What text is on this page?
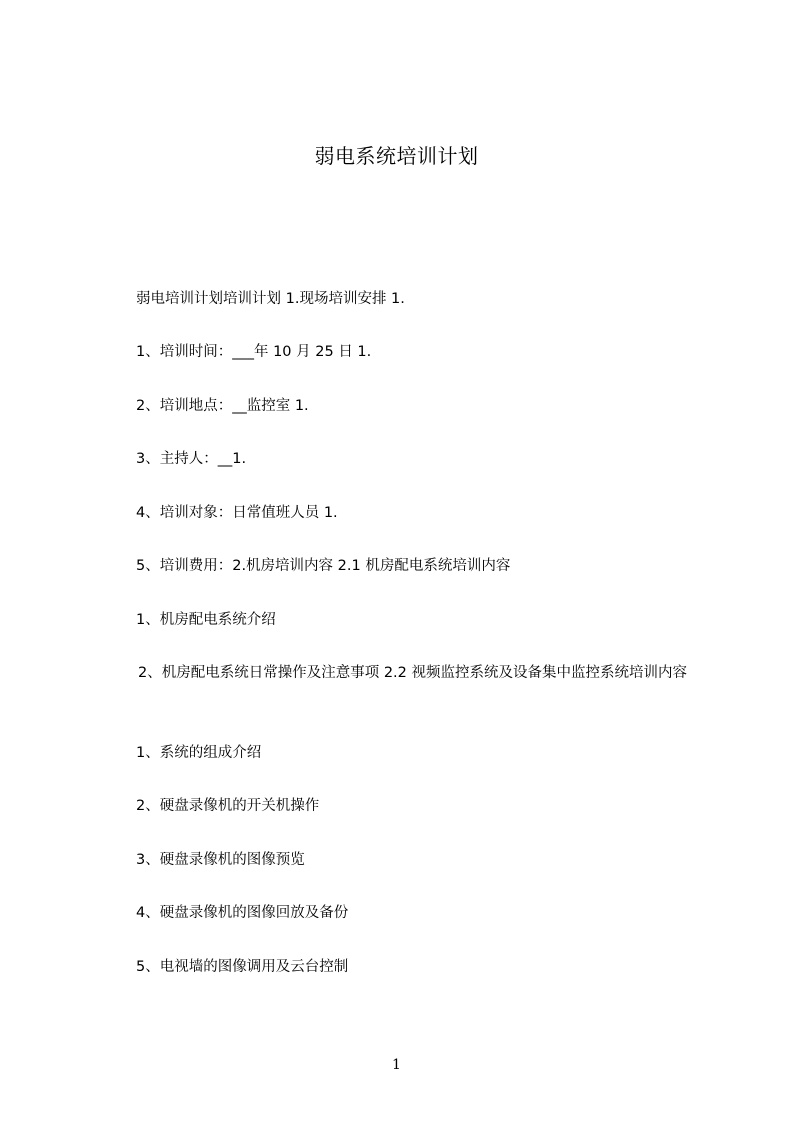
弱电系统培训计划
弱电培训计划培训计划 1.现场培训安排 1.
1、培训时间：___年 10 月 25 日 1.
2、培训地点：__监控室 1.
3、主持人：__1.
4、培训对象：日常值班人员 1.
5、培训费用：2.机房培训内容 2.1 机房配电系统培训内容
1、机房配电系统介绍
2、机房配电系统日常操作及注意事项 2.2 视频监控系统及设备集中监控系统培训内容
1、系统的组成介绍
2、硬盘录像机的开关机操作
3、硬盘录像机的图像预览
4、硬盘录像机的图像回放及备份
5、电视墙的图像调用及云台控制
1
